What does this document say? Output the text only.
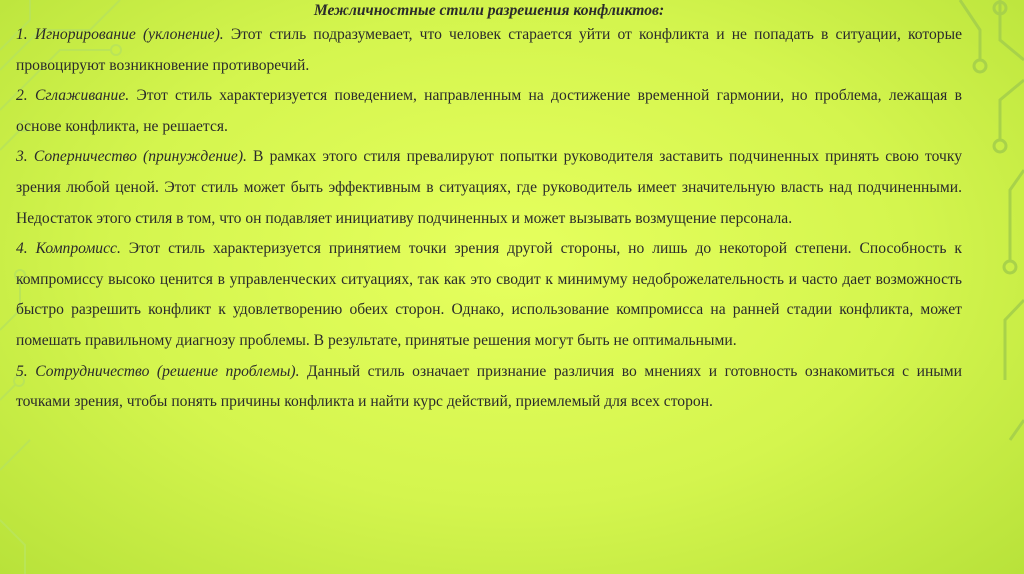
Межличностные стили разрешения конфликтов:

1. Игнорирование (уклонение). Этот стиль подразумевает, что человек старается уйти от конфликта и не попадать в ситуации, которые провоцируют возникновение противоречий.

2. Сглаживание. Этот стиль характеризуется поведением, направленным на достижение временной гармонии, но проблема, лежащая в основе конфликта, не решается.

3. Соперничество (принуждение). В рамках этого стиля превалируют попытки руководителя заставить подчиненных принять свою точку зрения любой ценой. Этот стиль может быть эффективным в ситуациях, где руководитель имеет значительную власть над подчиненными. Недостаток этого стиля в том, что он подавляет инициативу подчиненных и может вызывать возмущение персонала.

4. Компромисс. Этот стиль характеризуется принятием точки зрения другой стороны, но лишь до некоторой степени. Способность к компромиссу высоко ценится в управленческих ситуациях, так как это сводит к минимуму недоброжелательность и часто дает возможность быстро разрешить конфликт к удовлетворению обеих сторон. Однако, использование компромисса на ранней стадии конфликта, может помешать правильному диагнозу проблемы. В результате, принятые решения могут быть не оптимальными.

5. Сотрудничество (решение проблемы). Данный стиль означает признание различия во мнениях и готовность ознакомиться с иными точками зрения, чтобы понять причины конфликта и найти курс действий, приемлемый для всех сторон.
